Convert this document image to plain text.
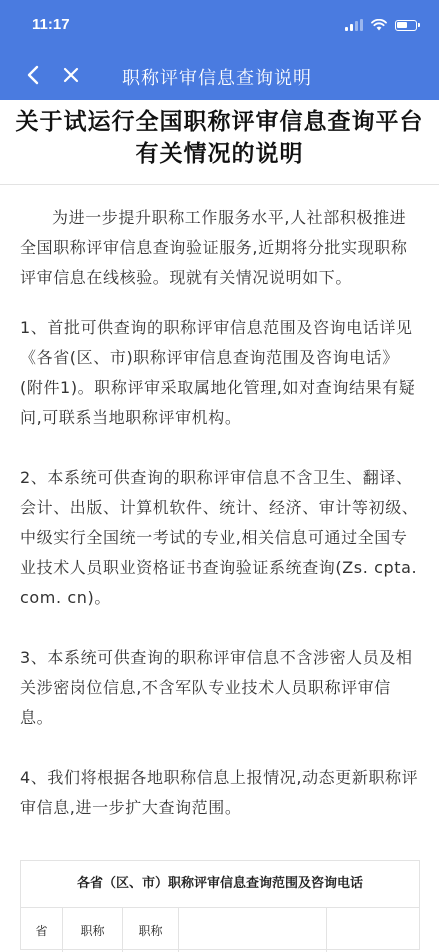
11:17
职称评审信息查询说明
关于试运行全国职称评审信息查询平台有关情况的说明
为进一步提升职称工作服务水平,人社部积极推进全国职称评审信息查询验证服务,近期将分批实现职称评审信息在线核验。现就有关情况说明如下。
1、首批可供查询的职称评审信息范围及咨询电话详见《各省(区、市)职称评审信息查询范围及咨询电话》(附件1)。职称评审采取属地化管理,如对查询结果有疑问,可联系当地职称评审机构。
2、本系统可供查询的职称评审信息不含卫生、翻译、会计、出版、计算机软件、统计、经济、审计等初级、中级实行全国统一考试的专业,相关信息可通过全国专业技术人员职业资格证书查询验证系统查询(Zs. cpta. com. cn)。
3、本系统可供查询的职称评审信息不含涉密人员及相关涉密岗位信息,不含军队专业技术人员职称评审信息。
4、我们将根据各地职称信息上报情况,动态更新职称评审信息,进一步扩大查询范围。
各省（区、市）职称评审信息查询范围及咨询电话
省	职称	职称
